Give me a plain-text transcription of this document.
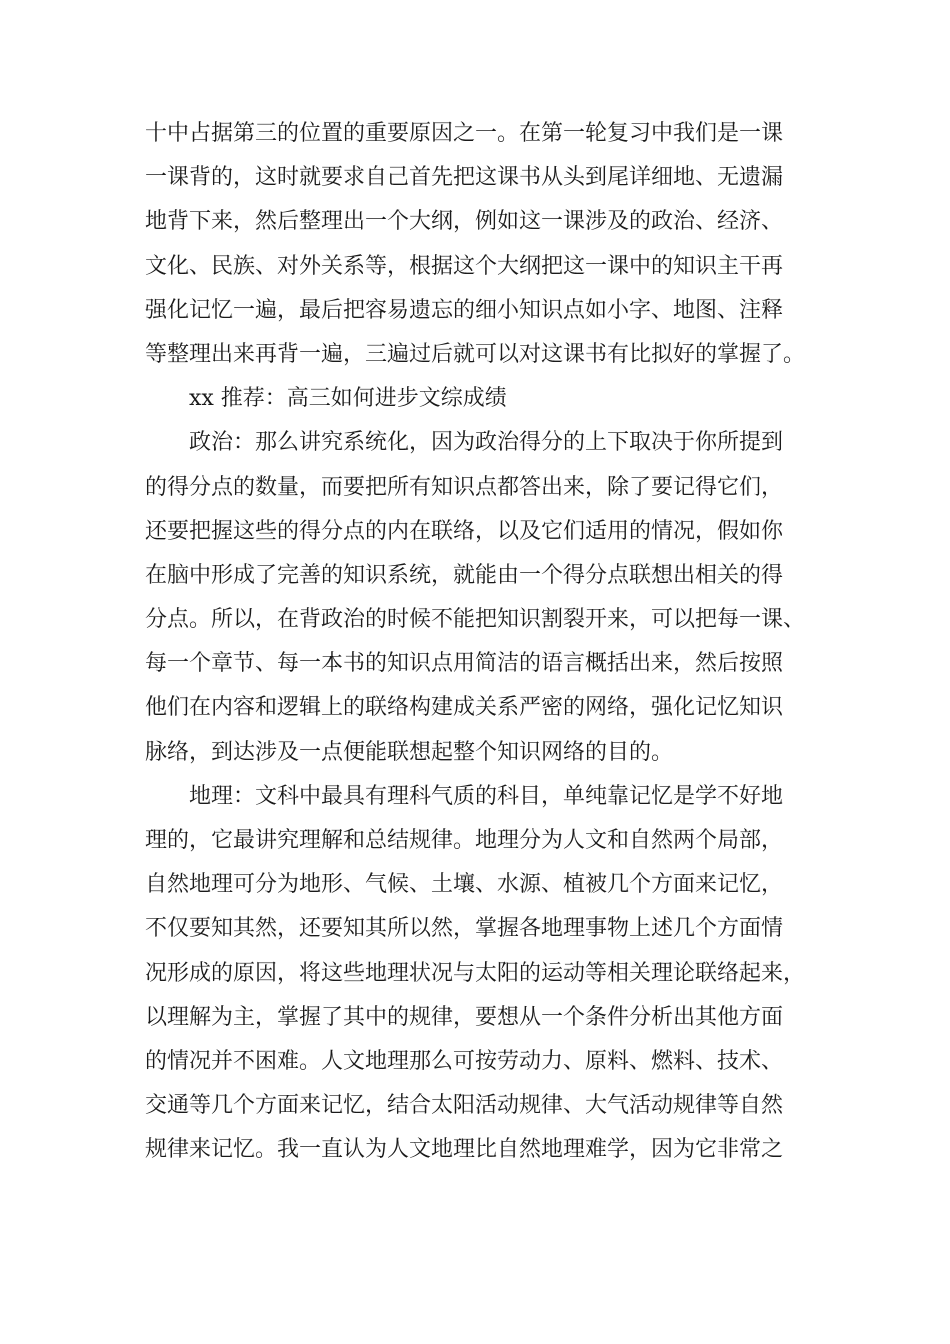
十中占据第三的位置的重要原因之一。在第一轮复习中我们是一课
一课背的，这时就要求自己首先把这课书从头到尾详细地、无遗漏
地背下来，然后整理出一个大纲，例如这一课涉及的政治、经济、
文化、民族、对外关系等，根据这个大纲把这一课中的知识主干再
强化记忆一遍，最后把容易遗忘的细小知识点如小字、地图、注释
等整理出来再背一遍，三遍过后就可以对这课书有比拟好的掌握了。
xx 推荐：高三如何进步文综成绩
政治：那么讲究系统化，因为政治得分的上下取决于你所提到
的得分点的数量，而要把所有知识点都答出来，除了要记得它们，
还要把握这些的得分点的内在联络，以及它们适用的情况，假如你
在脑中形成了完善的知识系统，就能由一个得分点联想出相关的得
分点。所以，在背政治的时候不能把知识割裂开来，可以把每一课、
每一个章节、每一本书的知识点用简洁的语言概括出来，然后按照
他们在内容和逻辑上的联络构建成关系严密的网络，强化记忆知识
脉络，到达涉及一点便能联想起整个知识网络的目的。
地理：文科中最具有理科气质的科目，单纯靠记忆是学不好地
理的，它最讲究理解和总结规律。地理分为人文和自然两个局部，
自然地理可分为地形、气候、土壤、水源、植被几个方面来记忆，
不仅要知其然，还要知其所以然，掌握各地理事物上述几个方面情
况形成的原因，将这些地理状况与太阳的运动等相关理论联络起来，
以理解为主，掌握了其中的规律，要想从一个条件分析出其他方面
的情况并不困难。人文地理那么可按劳动力、原料、燃料、技术、
交通等几个方面来记忆，结合太阳活动规律、大气活动规律等自然
规律来记忆。我一直认为人文地理比自然地理难学，因为它非常之
